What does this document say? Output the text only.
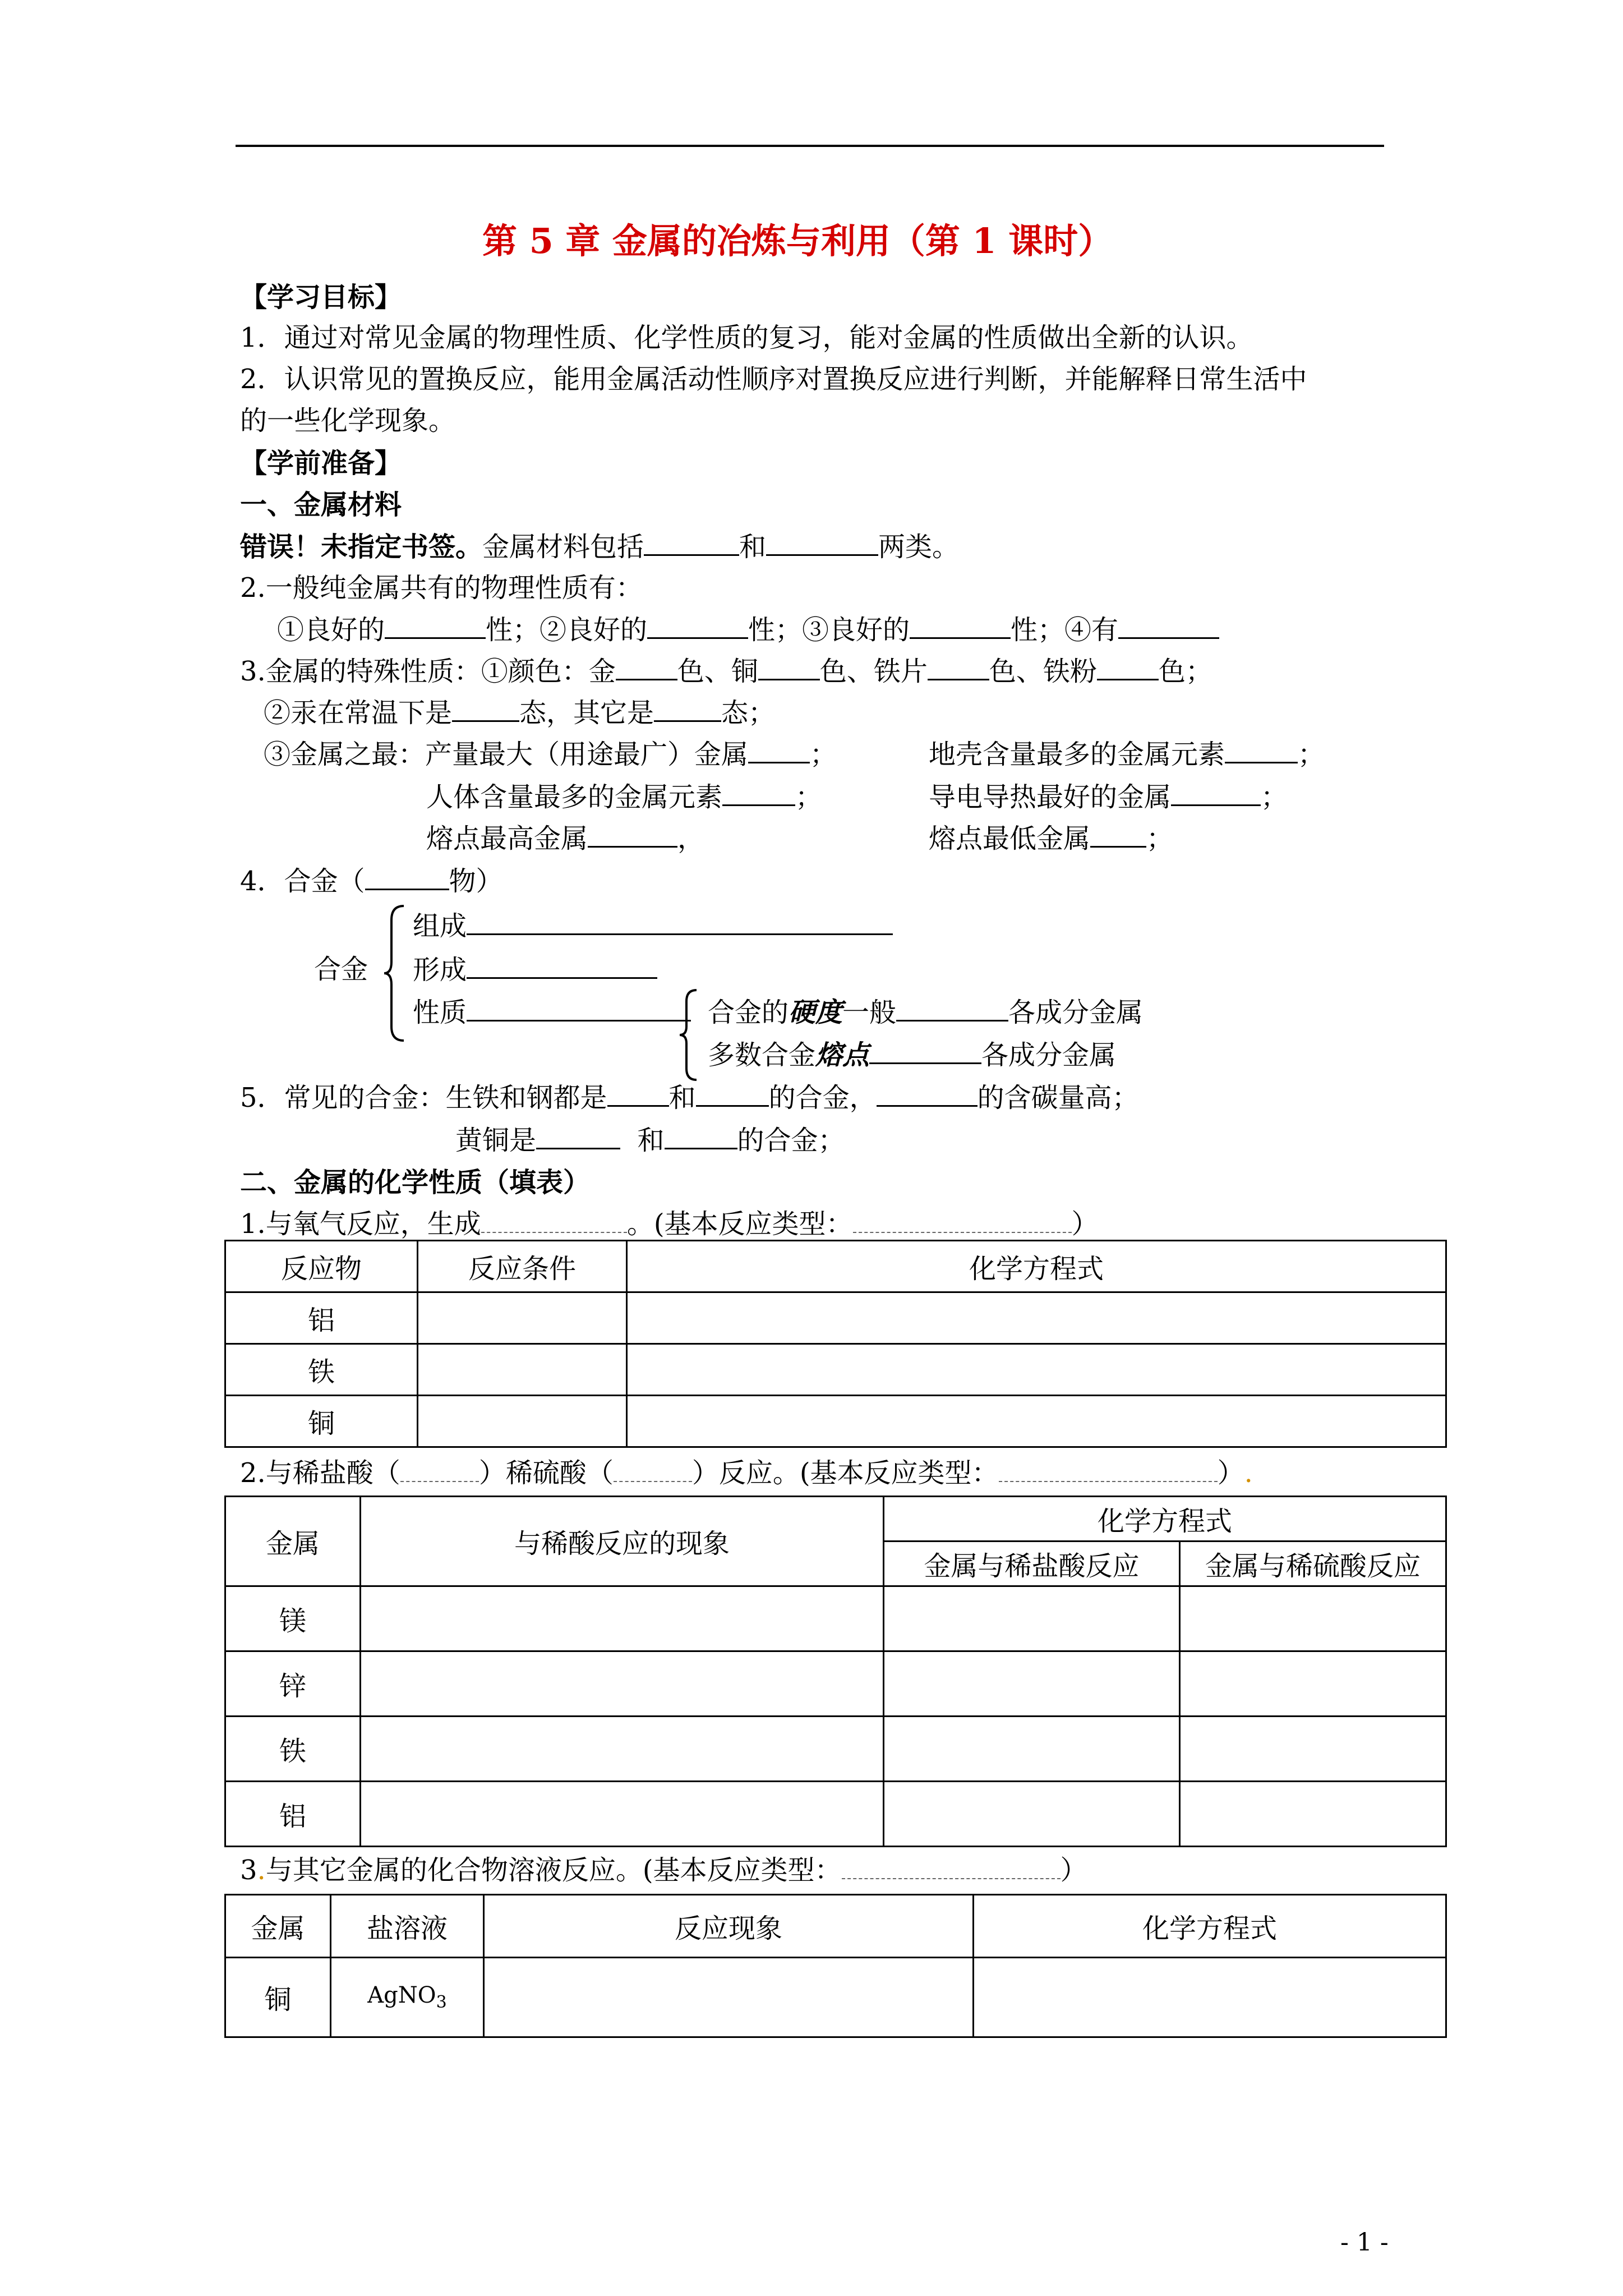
第 5 章 金属的冶炼与利用（第 1 课时）
【学习目标】
1．通过对常见金属的物理性质、化学性质的复习，能对金属的性质做出全新的认识。
2．认识常见的置换反应，能用金属活动性顺序对置换反应进行判断，并能解释日常生活中
的一些化学现象。
【学前准备】
一、金属材料
错误！未指定书签。金属材料包括	和	两类。
2.一般纯金属共有的物理性质有：
①良好的	性；②良好的	性；③良好的	性；④有
3.金属的特殊性质：①颜色：金 色、铜 色、铁片 色、铁粉 色；
②汞在常温下是	态，其它是	态；
③金属之最：产量最大（用途最广）金属 ；	地壳含量最多的金属元素	；
人体含量最多的金属元素	；	导电导热最好的金属	；
熔点最高金属	，	熔点最低金属 ；
4．合金（	物）
合金
组成
形成
性质	合金的硬度一般	各成分金属
多数合金熔点	各成分金属
5．常见的合金：生铁和钢都是 和	的合金，	的含碳量高；
黄铜是	和	的合金；
二、金属的化学性质（填表）
1.与氧气反应，生成	。(基本反应类型：	）
反应物	反应条件	化学方程式
铝		
铁		
铜		
2.与稀盐酸（	）稀硫酸（	）反应。(基本反应类型：	）.
金属	与稀酸反应的现象	化学方程式	
		金属与稀盐酸反应	金属与稀硫酸反应
镁			
锌			
铁			
铝			
3.与其它金属的化合物溶液反应。(基本反应类型：	）
金属	盐溶液	反应现象	化学方程式
铜	AgNO$_3$		
- 1 -
